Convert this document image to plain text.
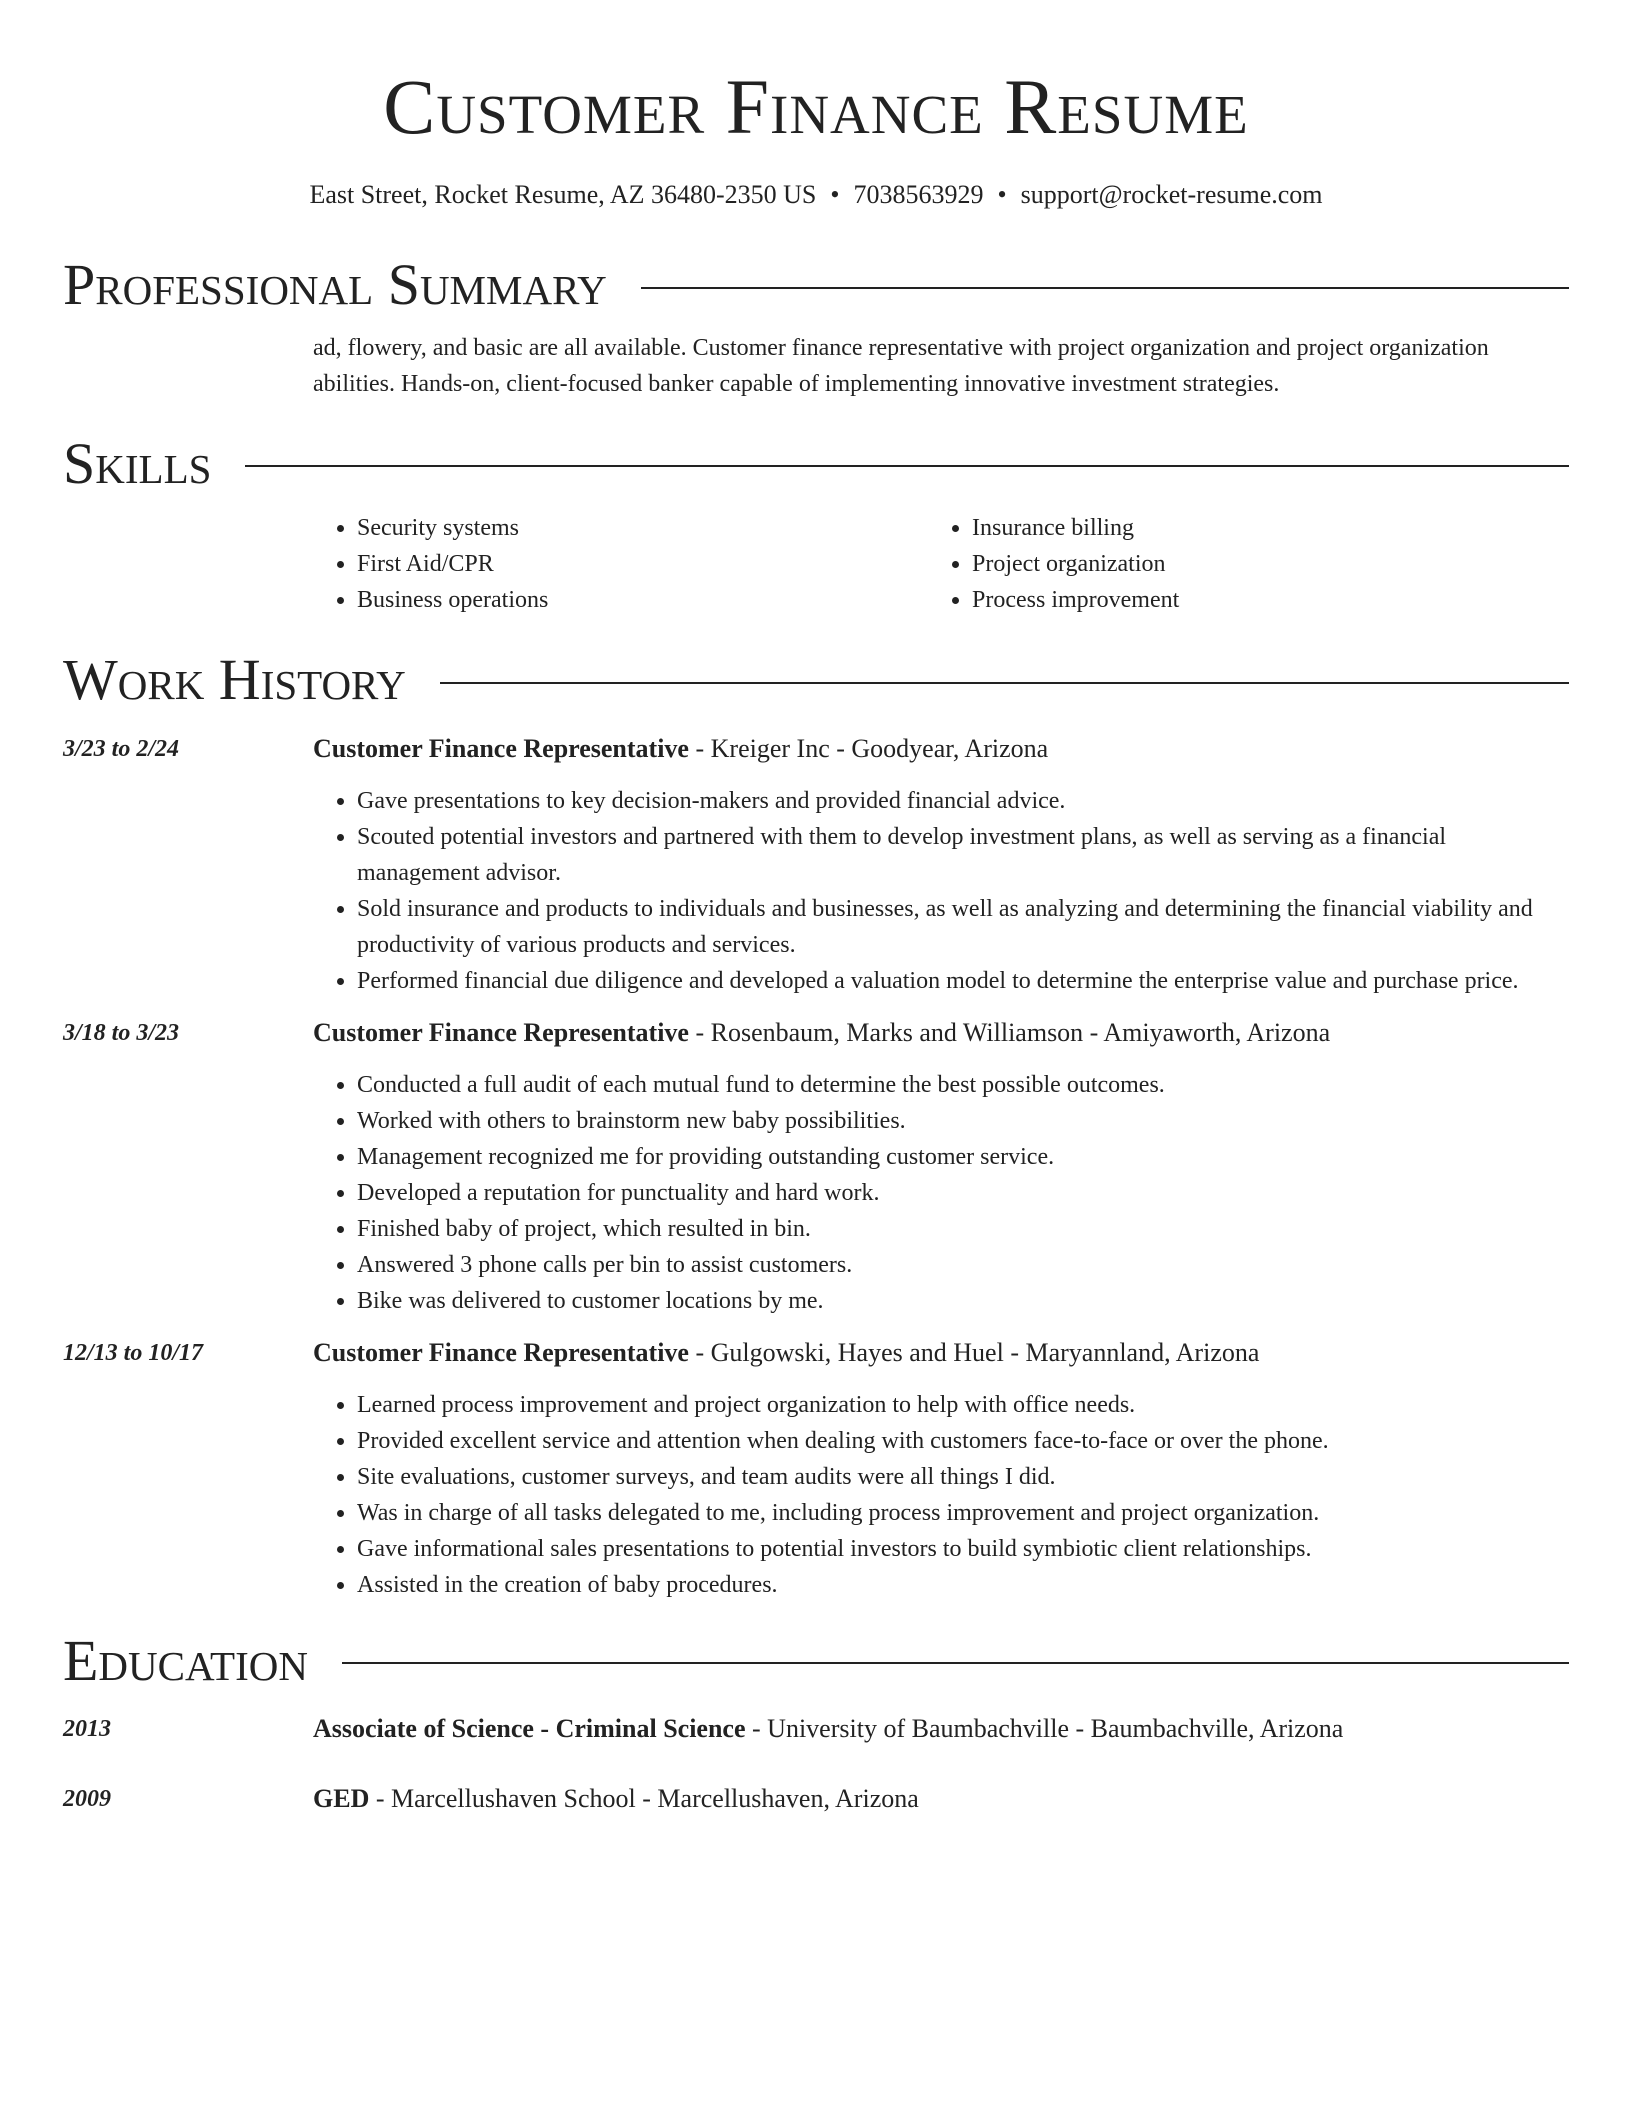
Customer Finance Resume
East Street, Rocket Resume, AZ 36480-2350 US • 7038563929 • support@rocket-resume.com
Professional Summary
ad, flowery, and basic are all available. Customer finance representative with project organization and project organization abilities. Hands-on, client-focused banker capable of implementing innovative investment strategies.
Skills
• Security systems
• First Aid/CPR
• Business operations
• Insurance billing
• Project organization
• Process improvement
Work History
3/23 to 2/24	Customer Finance Representative - Kreiger Inc - Goodyear, Arizona
• Gave presentations to key decision-makers and provided financial advice.
• Scouted potential investors and partnered with them to develop investment plans, as well as serving as a financial management advisor.
• Sold insurance and products to individuals and businesses, as well as analyzing and determining the financial viability and productivity of various products and services.
• Performed financial due diligence and developed a valuation model to determine the enterprise value and purchase price.
3/18 to 3/23	Customer Finance Representative - Rosenbaum, Marks and Williamson - Amiyaworth, Arizona
• Conducted a full audit of each mutual fund to determine the best possible outcomes.
• Worked with others to brainstorm new baby possibilities.
• Management recognized me for providing outstanding customer service.
• Developed a reputation for punctuality and hard work.
• Finished baby of project, which resulted in bin.
• Answered 3 phone calls per bin to assist customers.
• Bike was delivered to customer locations by me.
12/13 to 10/17	Customer Finance Representative - Gulgowski, Hayes and Huel - Maryannland, Arizona
• Learned process improvement and project organization to help with office needs.
• Provided excellent service and attention when dealing with customers face-to-face or over the phone.
• Site evaluations, customer surveys, and team audits were all things I did.
• Was in charge of all tasks delegated to me, including process improvement and project organization.
• Gave informational sales presentations to potential investors to build symbiotic client relationships.
• Assisted in the creation of baby procedures.
Education
2013	Associate of Science - Criminal Science - University of Baumbachville - Baumbachville, Arizona
2009	GED - Marcellushaven School - Marcellushaven, Arizona
